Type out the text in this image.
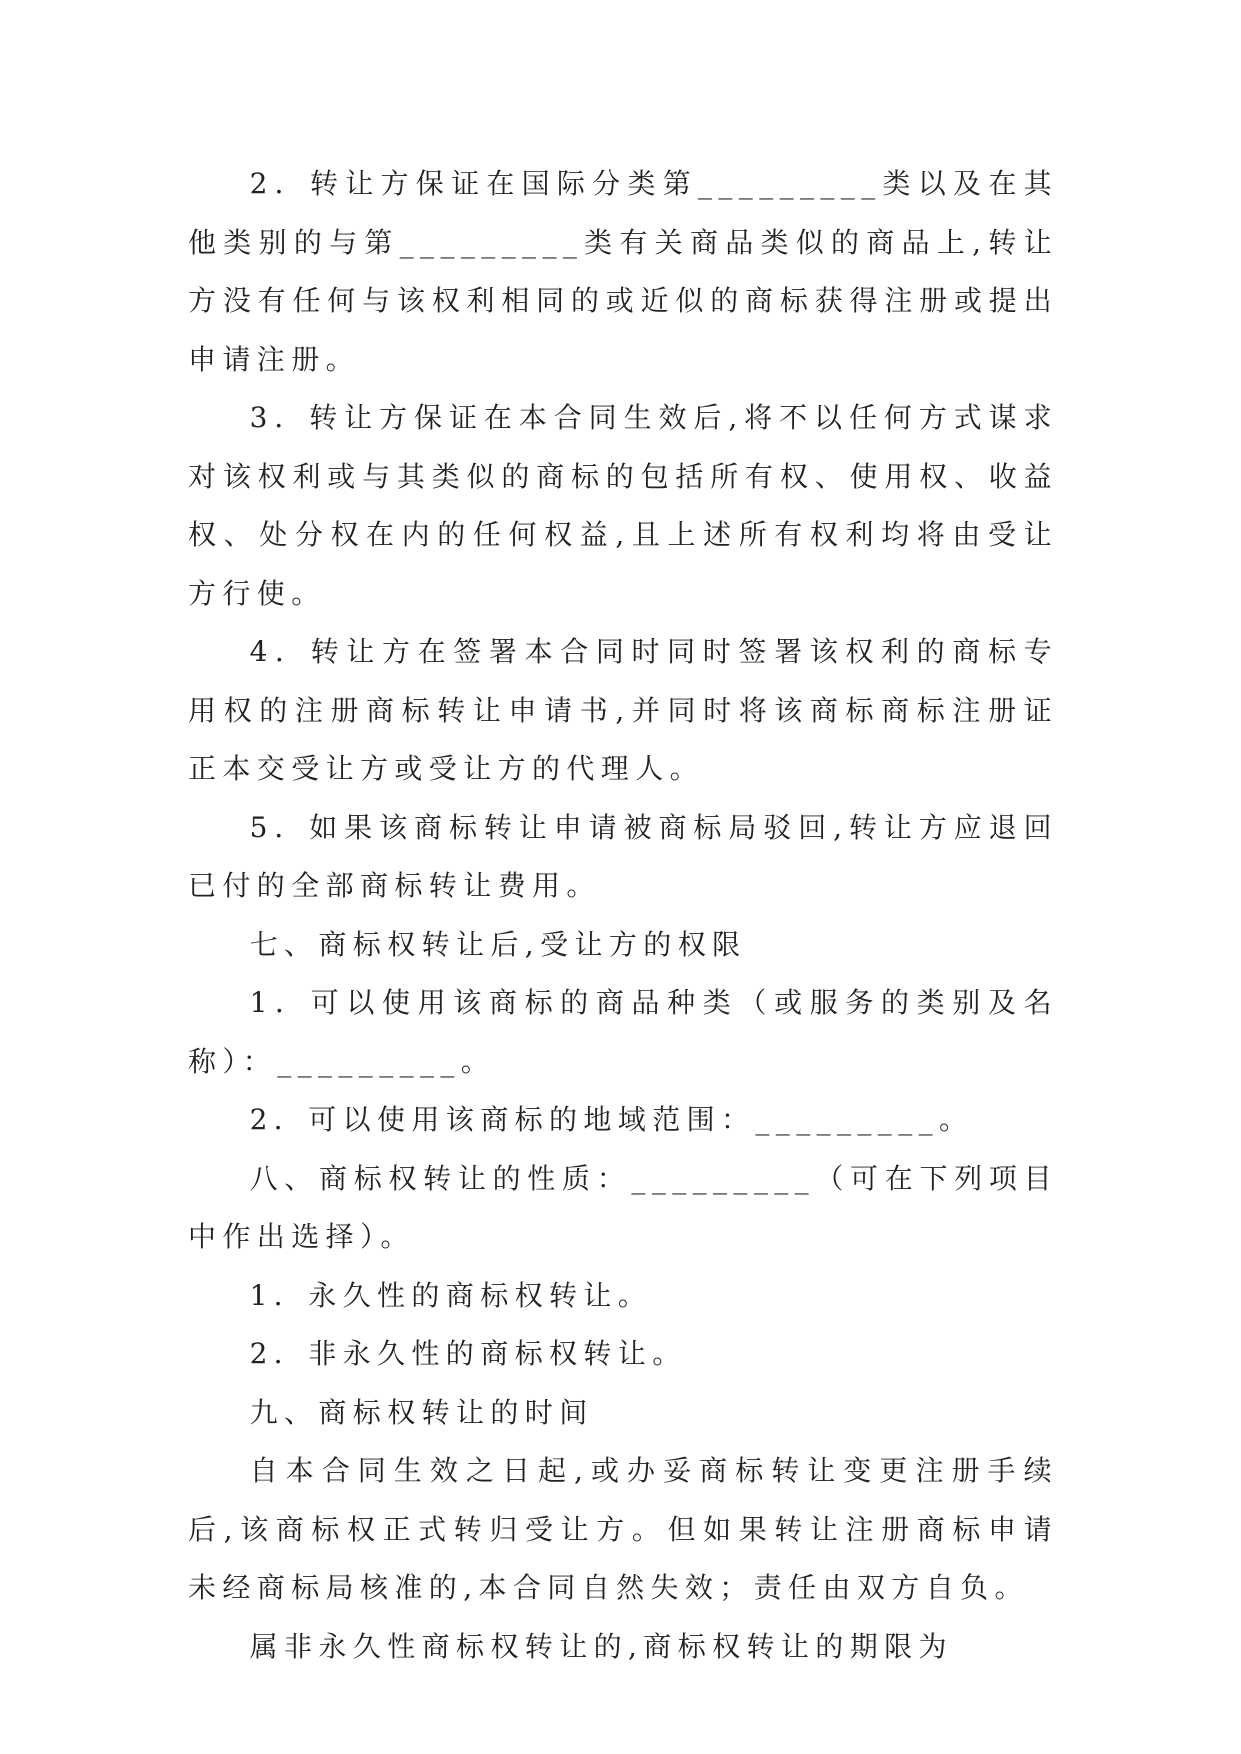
2．转让方保证在国际分类第_________类以及在其他类别的与第_________类有关商品类似的商品上,转让方没有任何与该权利相同的或近似的商标获得注册或提出申请注册。

3．转让方保证在本合同生效后,将不以任何方式谋求对该权利或与其类似的商标的包括所有权、使用权、收益权、处分权在内的任何权益,且上述所有权利均将由受让方行使。

4．转让方在签署本合同时同时签署该权利的商标专用权的注册商标转让申请书,并同时将该商标商标注册证正本交受让方或受让方的代理人。

5．如果该商标转让申请被商标局驳回,转让方应退回已付的全部商标转让费用。

七、商标权转让后,受让方的权限

1．可以使用该商标的商品种类（或服务的类别及名称）：_________。

2．可以使用该商标的地域范围：_________。

八、商标权转让的性质：_________（可在下列项目中作出选择）。

1．永久性的商标权转让。

2．非永久性的商标权转让。

九、商标权转让的时间

自本合同生效之日起,或办妥商标转让变更注册手续后,该商标权正式转归受让方。但如果转让注册商标申请未经商标局核准的,本合同自然失效；责任由双方自负。

属非永久性商标权转让的,商标权转让的期限为
